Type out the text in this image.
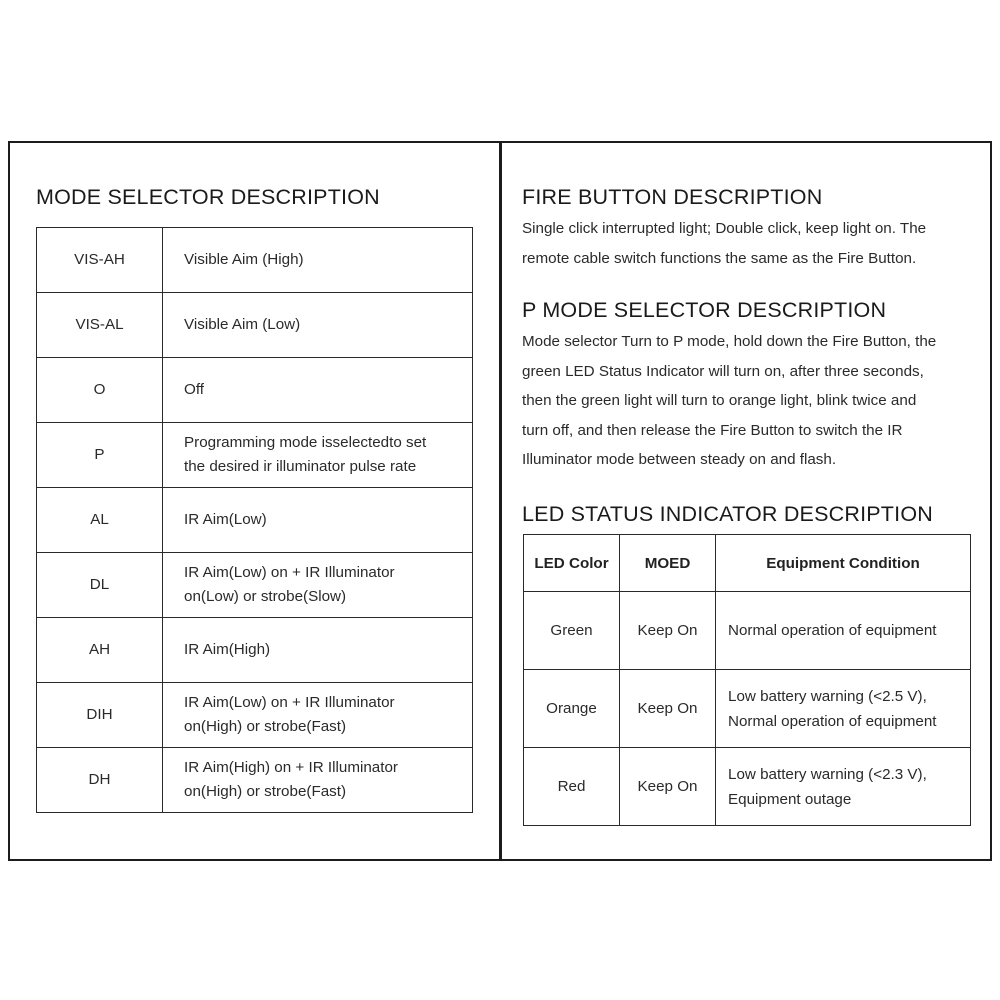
MODE SELECTOR DESCRIPTION
VIS-AH	Visible Aim (High)
VIS-AL	Visible Aim (Low)
O	Off
P	Programming mode isselectedto set
the desired ir illuminator pulse rate
AL	IR Aim(Low)
DL	IR Aim(Low) on + IR Illuminator
on(Low) or strobe(Slow)
AH	IR Aim(High)
DIH	IR Aim(Low) on + IR Illuminator
on(High) or strobe(Fast)
DH	IR Aim(High) on + IR Illuminator
on(High) or strobe(Fast)
FIRE BUTTON DESCRIPTION

Single click interrupted light; Double click, keep light on. The
remote cable switch functions the same as the Fire Button.

P MODE SELECTOR DESCRIPTION

Mode selector Turn to P mode, hold down the Fire Button, the
green LED Status Indicator will turn on, after three seconds,
then the green light will turn to orange light, blink twice and
turn off, and then release the Fire Button to switch the IR
Illuminator mode between steady on and flash.

LED STATUS INDICATOR DESCRIPTION
LED Color	MOED	Equipment Condition
Green	Keep On	Normal operation of equipment
Orange	Keep On	Low battery warning (<2.5 V),
Normal operation of equipment
Red	Keep On	Low battery warning (<2.3 V),
Equipment outage
